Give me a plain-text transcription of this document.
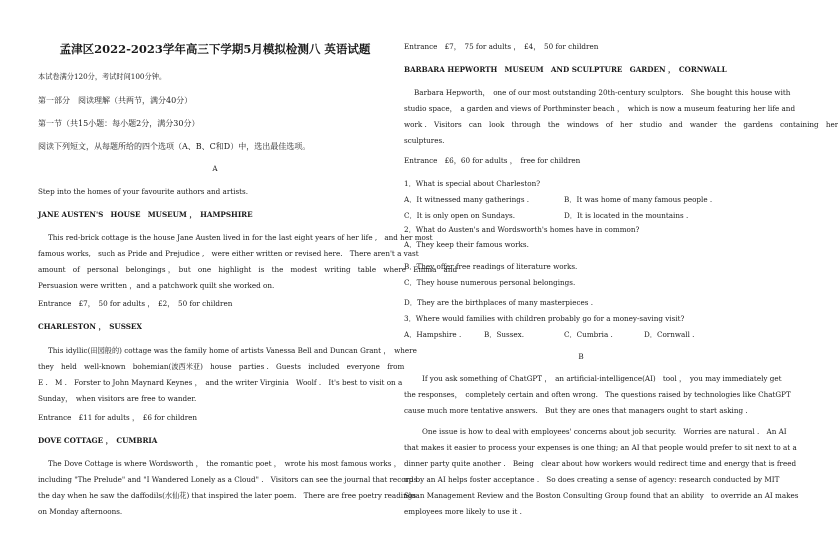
孟津区2022-2023学年高三下学期5月模拟检测八 英语试题
本试卷满分120分，考试时间100分钟。
第一部分　阅读理解（共两节，满分40分）
第一节（共15小题：每小题2分，满分30分）
阅读下列短文，从每题所给的四个选项（A、B、C和D）中，选出最佳选项。
A
Step into the homes of your favourite authors and artists.
JANE AUSTEN'S　HOUSE　MUSEUM ，　HAMPSHIRE
This red-brick cottage is the house Jane Austen lived in for the last eight years of her life ,　and her most
famous works,　such as Pride and Prejudice ,　were either written or revised here.　There aren't a vast
amount　of　personal　belongings ，　but　one　highlight　is　the　modest　writing　table　where　Emma　and
Persuasion were written ，and a patchwork quilt she worked on.
Entrance　£7，　50 for adults ，　£2，　50 for children
CHARLESTON ，　SUSSEX
This idyllic(田园般的) cottage was the family home of artists Vanessa Bell and Duncan Grant ，　where
they　held　well-known　bohemian(波西米亚)　house　parties .　Guests　included　everyone　from
E .　M .　Forster to John Maynard Keynes ，　and the writer Virginia　Woolf .　It's best to visit on a
Sunday，　when visitors are free to wander.
Entrance　£11 for adults ，　£6 for children
DOVE COTTAGE ，　CUMBRIA
The Dove Cottage is where Wordsworth ，　the romantic poet ，　wrote his most famous works ，
including "The Prelude" and "I Wandered Lonely as a Cloud" .　Visitors can see the journal that records
the day when he saw the daffodils(水仙花) that inspired the later poem.　There are free poetry readings
on Monday afternoons.
Entrance　£7，　75 for adults ，　£4，　50 for children
BARBARA HEPWORTH　MUSEUM　AND SCULPTURE　GARDEN ，　CORNWALL
Barbara Hepworth，　one of our most outstanding 20th-century sculptors.　She bought this house with
studio space，　a garden and views of Porthminster beach ，　which is now a museum featuring her life and
work .　Visitors　can　look　through　the　windows　of　her　studio　and　wander　the　gardens　containing　her
sculptures.
Entrance　£6，60 for adults ，　free for children
1．What is special about Charleston?
A．It witnessed many gatherings .	B．It was home of many famous people .
C．It is only open on Sundays.	D．It is located in the mountains .
2．What do Austen's and Wordsworth's homes have in common?
A．They keep their famous works.
B．They offer free readings of literature works.
C．They house numerous personal belongings.
D．They are the birthplaces of many masterpieces .
3．Where would families with children probably go for a money-saving visit?
A．Hampshire .	B．Sussex.	C．Cumbria .	D．Cornwall .
B
If you ask something of ChatGPT ，　an artificial-intelligence(AI)　tool ，　you may immediately get
the responses，　completely certain and often wrong.　The questions raised by technologies like ChatGPT
cause much more tentative answers.　But they are ones that managers ought to start asking .
One issue is how to deal with employees' concerns about job security.　Worries are natural .　An AI
that makes it easier to process your expenses is one thing; an AI that people would prefer to sit next to at a
dinner party quite another .　Being　clear about how workers would redirect time and energy that is freed
up by an AI helps foster acceptance .　So does creating a sense of agency: research conducted by MIT
Sloan Management Review and the Boston Consulting Group found that an ability　to override an AI makes
employees more likely to use it .
